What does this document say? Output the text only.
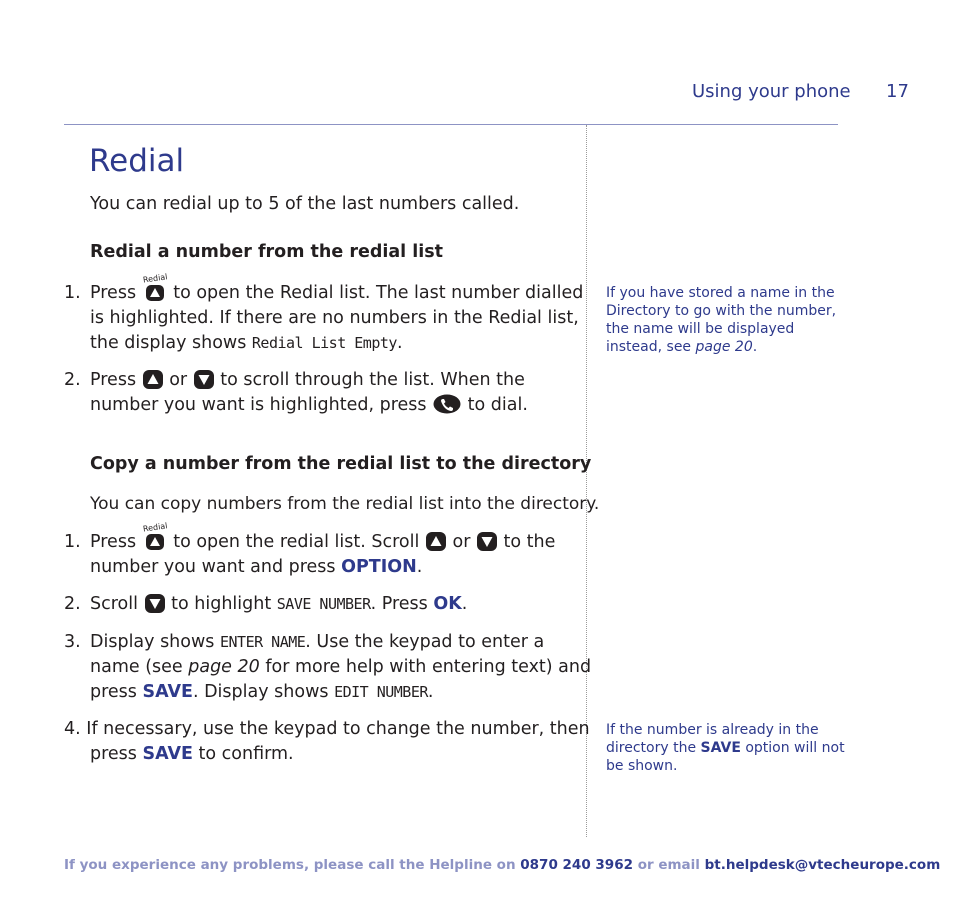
Using your phone 17
Redial

You can redial up to 5 of the last numbers called.

Redial a number from the redial list

1. Press
Redial
to open the Redial list. The last number dialled
is highlighted. If there are no numbers in the Redial list,
the display shows Redial List Empty.
2. Press
or
to scroll through the list. When the
number you want is highlighted, press
to dial.

Copy a number from the redial list to the directory

You can copy numbers from the redial list into the directory.

1. Press
Redial
to open the redial list. Scroll
or
to the
number you want and press OPTION.
2. Scroll
to highlight SAVE NUMBER. Press OK.
3. Display shows ENTER NAME. Use the keypad to enter a
name (see page 20 for more help with entering text) and
press SAVE. Display shows EDIT NUMBER.
4. If necessary, use the keypad to change the number, then
press SAVE to confirm.

If you have stored a name in the Directory to go with the number, the name will be displayed instead, see page 20.

If the number is already in the directory the SAVE option will not be shown.

If you experience any problems, please call the Helpline on 0870 240 3962 or email bt.helpdesk@vtecheurope.com
